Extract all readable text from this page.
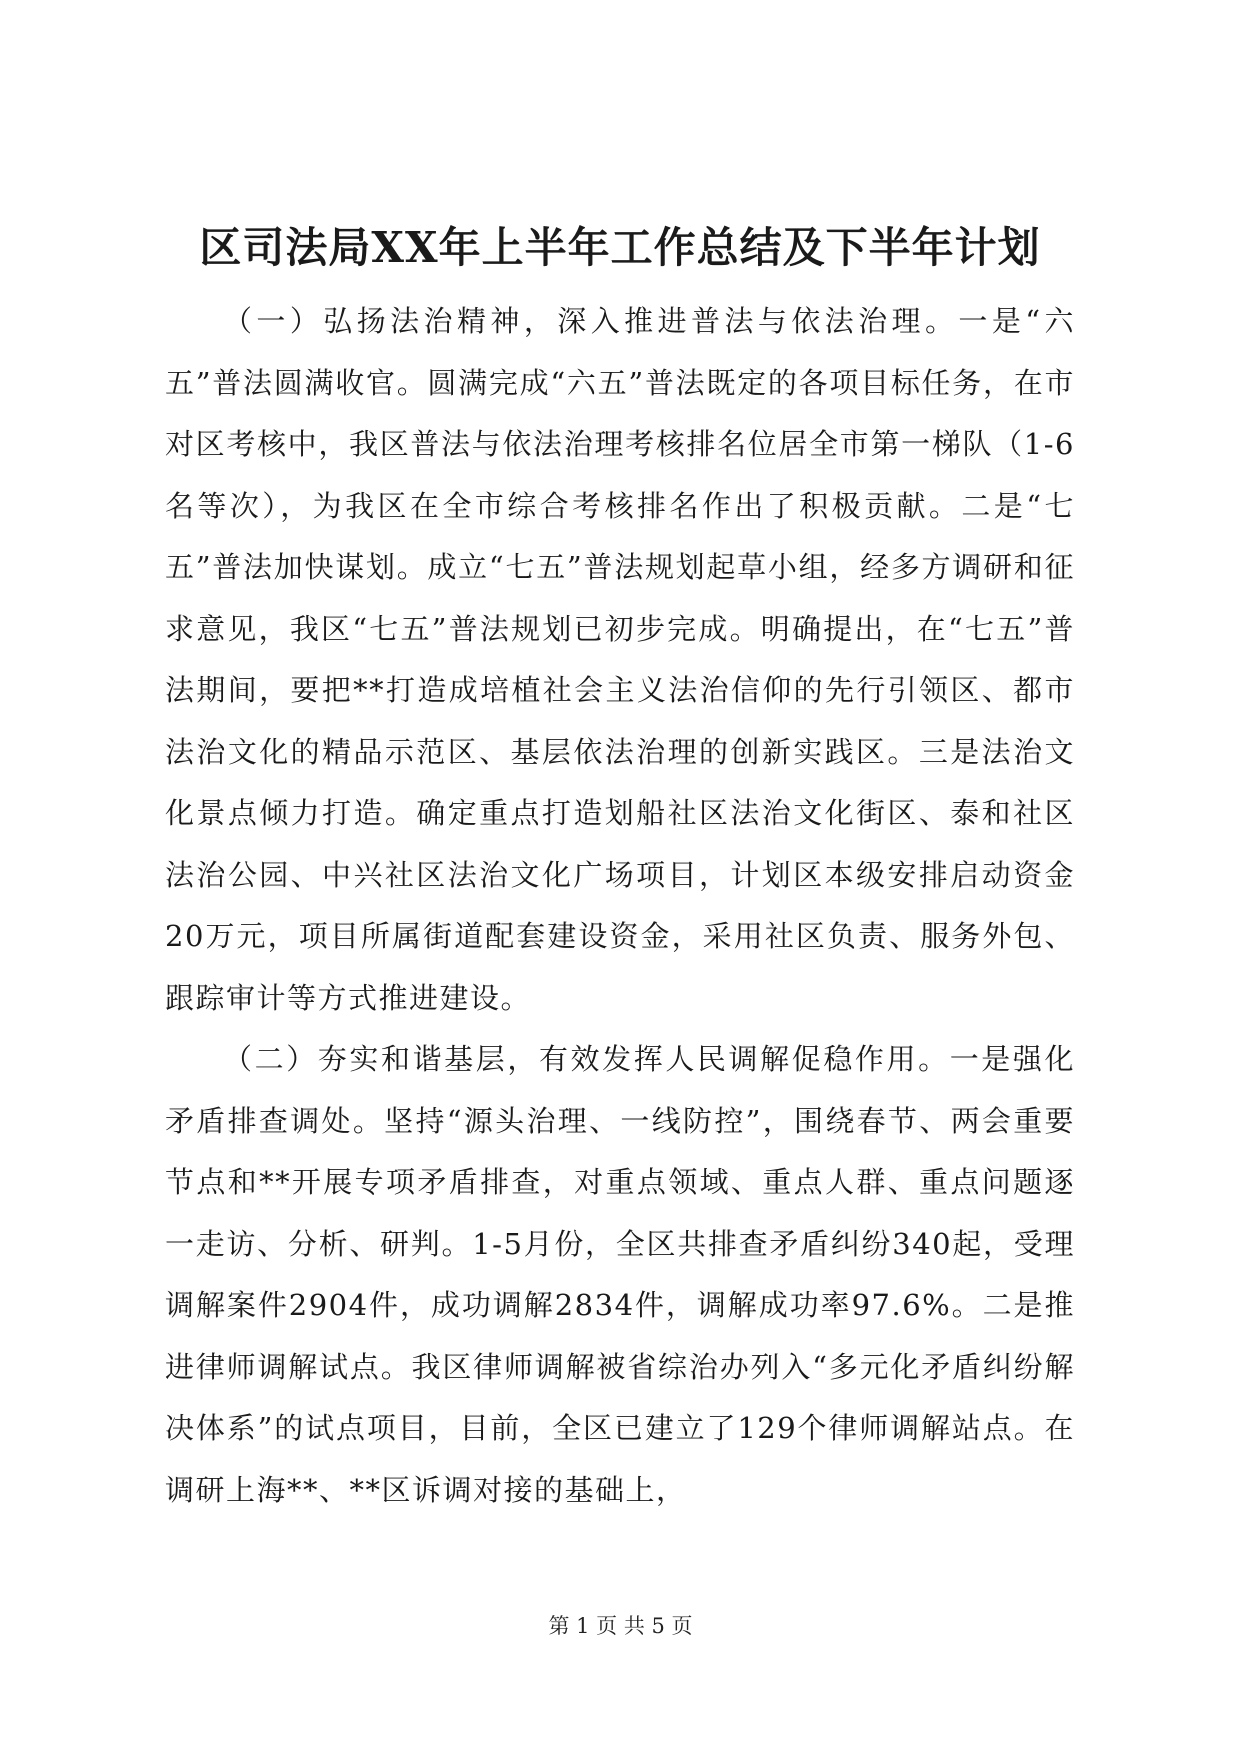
区司法局XX年上半年工作总结及下半年计划

（一）弘扬法治精神，深入推进普法与依法治理。一是“六五”普法圆满收官。圆满完成“六五”普法既定的各项目标任务，在市对区考核中，我区普法与依法治理考核排名位居全市第一梯队（1-6名等次），为我区在全市综合考核排名作出了积极贡献。二是“七五”普法加快谋划。成立“七五”普法规划起草小组，经多方调研和征求意见，我区“七五”普法规划已初步完成。明确提出，在“七五”普法期间，要把**打造成培植社会主义法治信仰的先行引领区、都市法治文化的精品示范区、基层依法治理的创新实践区。三是法治文化景点倾力打造。确定重点打造划船社区法治文化街区、泰和社区法治公园、中兴社区法治文化广场项目，计划区本级安排启动资金20万元，项目所属街道配套建设资金，采用社区负责、服务外包、跟踪审计等方式推进建设。

（二）夯实和谐基层，有效发挥人民调解促稳作用。一是强化矛盾排查调处。坚持“源头治理、一线防控”，围绕春节、两会重要节点和**开展专项矛盾排查，对重点领域、重点人群、重点问题逐一走访、分析、研判。1-5月份，全区共排查矛盾纠纷340起，受理调解案件2904件，成功调解2834件，调解成功率97.6%。二是推进律师调解试点。我区律师调解被省综治办列入“多元化矛盾纠纷解决体系”的试点项目，目前，全区已建立了129个律师调解站点。在调研上海**、**区诉调对接的基础上，

第 1 页 共 5 页
